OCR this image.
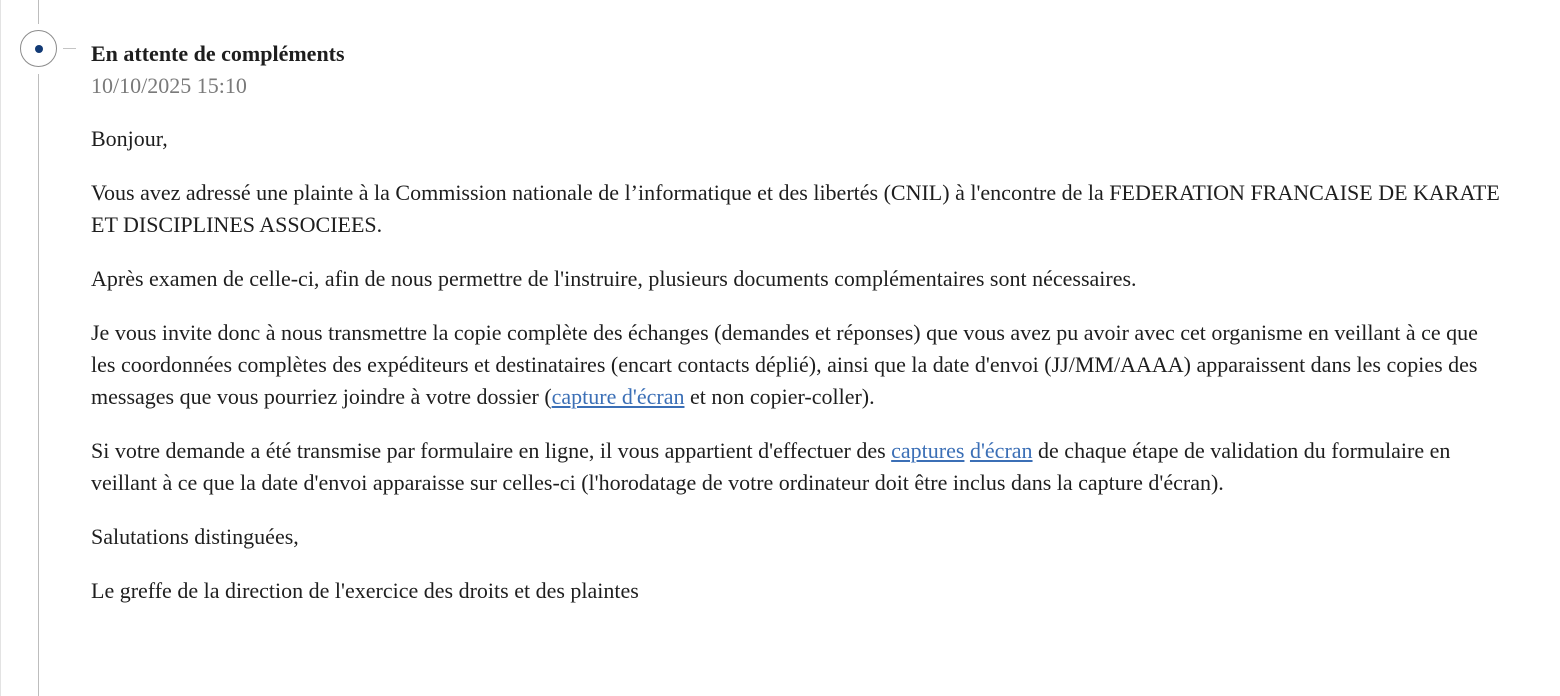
En attente de compléments
10/10/2025 15:10

Bonjour,

Vous avez adressé une plainte à la Commission nationale de l’informatique et des libertés (CNIL) à l'encontre de la FEDERATION FRANCAISE DE KARATE ET DISCIPLINES ASSOCIEES.

Après examen de celle-ci, afin de nous permettre de l'instruire, plusieurs documents complémentaires sont nécessaires.

Je vous invite donc à nous transmettre la copie complète des échanges (demandes et réponses) que vous avez pu avoir avec cet organisme en veillant à ce que les coordonnées complètes des expéditeurs et destinataires (encart contacts déplié), ainsi que la date d'envoi (JJ/MM/AAAA) apparaissent dans les copies des messages que vous pourriez joindre à votre dossier (capture d'écran et non copier-coller).

Si votre demande a été transmise par formulaire en ligne, il vous appartient d'effectuer des captures d'écran de chaque étape de validation du formulaire en veillant à ce que la date d'envoi apparaisse sur celles-ci (l'horodatage de votre ordinateur doit être inclus dans la capture d'écran).

Salutations distinguées,

Le greffe de la direction de l'exercice des droits et des plaintes
